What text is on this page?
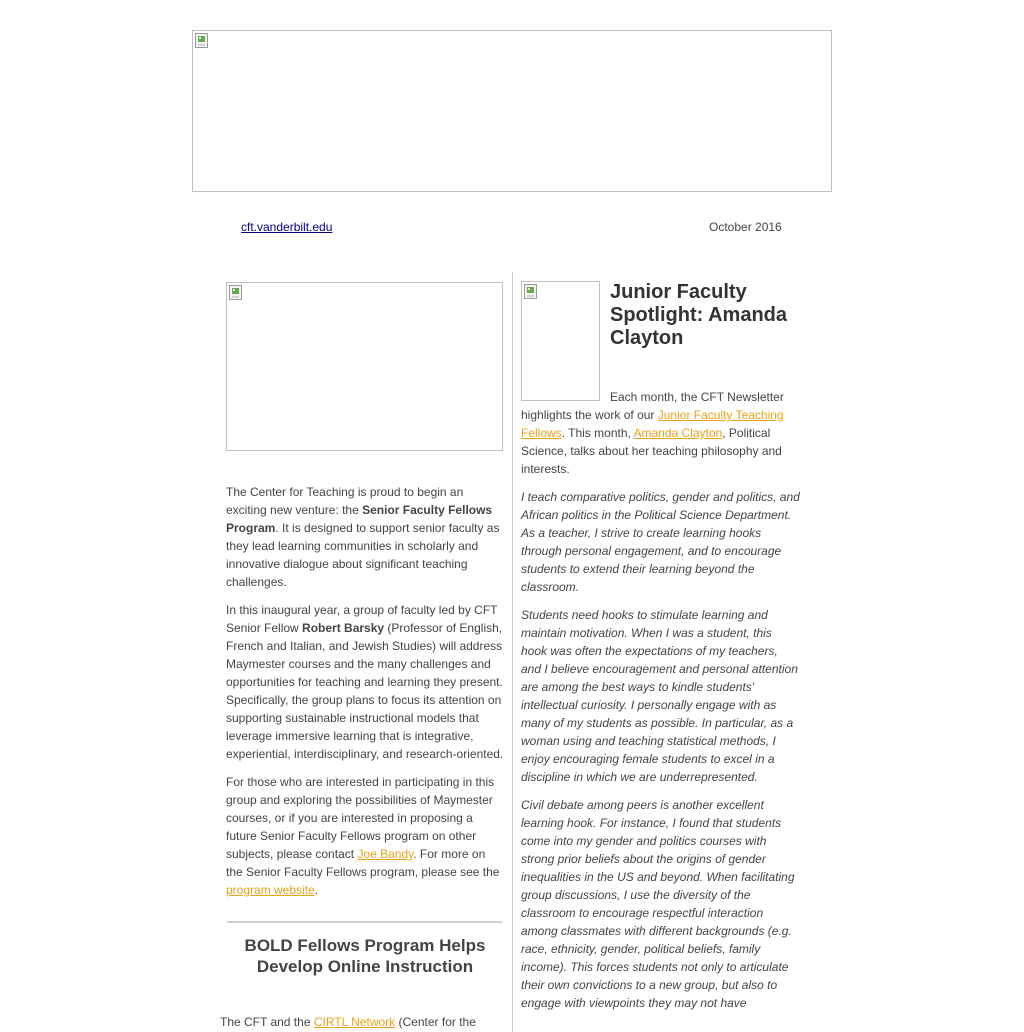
cft.vanderbilt.edu	October 2016

The Center for Teaching is proud to begin an exciting new venture: the Senior Faculty Fellows Program. It is designed to support senior faculty as they lead learning communities in scholarly and innovative dialogue about significant teaching challenges.

In this inaugural year, a group of faculty led by CFT Senior Fellow Robert Barsky (Professor of English, French and Italian, and Jewish Studies) will address Maymester courses and the many challenges and opportunities for teaching and learning they present. Specifically, the group plans to focus its attention on supporting sustainable instructional models that leverage immersive learning that is integrative, experiential, interdisciplinary, and research-oriented.

For those who are interested in participating in this group and exploring the possibilities of Maymester courses, or if you are interested in proposing a future Senior Faculty Fellows program on other subjects, please contact Joe Bandy. For more on the Senior Faculty Fellows program, please see the program website.

BOLD Fellows Program Helps Develop Online Instruction
The CFT and the CIRTL Network (Center for the
Junior Faculty Spotlight: Amanda Clayton

Each month, the CFT Newsletter highlights the work of our Junior Faculty Teaching Fellows. This month, Amanda Clayton, Political Science, talks about her teaching philosophy and interests.

I teach comparative politics, gender and politics, and African politics in the Political Science Department. As a teacher, I strive to create learning hooks through personal engagement, and to encourage students to extend their learning beyond the classroom.

Students need hooks to stimulate learning and maintain motivation. When I was a student, this hook was often the expectations of my teachers, and I believe encouragement and personal attention are among the best ways to kindle students' intellectual curiosity. I personally engage with as many of my students as possible. In particular, as a woman using and teaching statistical methods, I enjoy encouraging female students to excel in a discipline in which we are underrepresented.

Civil debate among peers is another excellent learning hook. For instance, I found that students come into my gender and politics courses with strong prior beliefs about the origins of gender inequalities in the US and beyond. When facilitating group discussions, I use the diversity of the classroom to encourage respectful interaction among classmates with different backgrounds (e.g. race, ethnicity, gender, political beliefs, family income). This forces students not only to articulate their own convictions to a new group, but also to engage with viewpoints they may not have
